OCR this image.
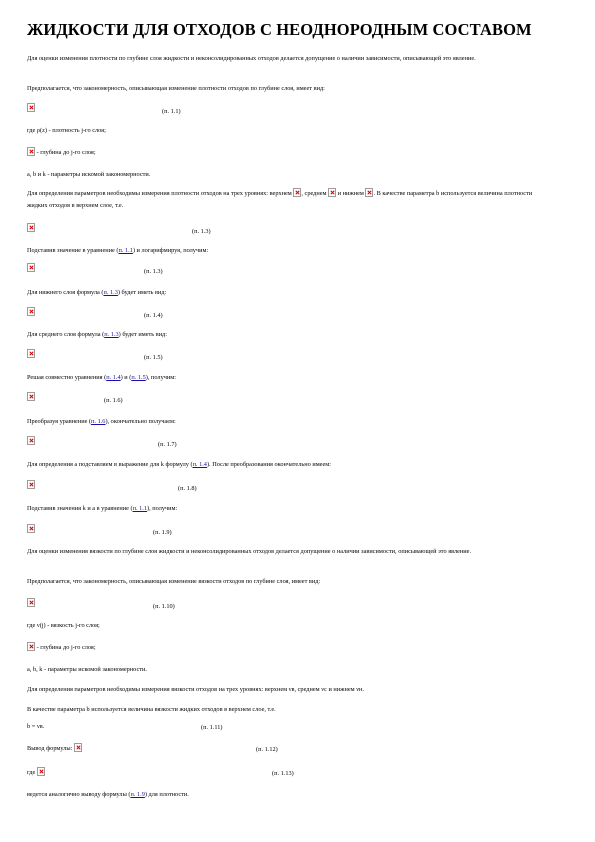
ЖИДКОСТИ ДЛЯ ОТХОДОВ С НЕОДНОРОДНЫМ СОСТАВОМ
Для оценки изменения плотности по глубине слоя жидкости и неконсолидированных отходов делается допущение о наличии зависимости, описывающей это явление.
Предполагается, что закономерность, описывающая изменение плотности отходов по глубине слоя, имеет вид:
(п. 1.1)
где ρ(z) - плотность j-го слоя;
- глубина до j-го слоя;
a, b и k - параметры искомой закономерности.
Для определения параметров необходимы измерения плотности отходов на трех уровнях: верхнем , среднем и нижнем . В качестве параметра b используется величина плотности жидких отходов в верхнем слое, т.е.
(п. 1.3)
Подставив значение в уравнение (п. 1.1) и логарифмируя, получим:
(п. 1.3)
Для нижнего слоя формула (п. 1.3) будет иметь вид:
(п. 1.4)
Для среднего слоя формула (п. 1.3) будет иметь вид:
(п. 1.5)
Решая совместно уравнения (п. 1.4) и (п. 1.5), получим:
(п. 1.6)
Преобразуя уравнение (п. 1.6), окончательно получаем:
(п. 1.7)
Для определения a подставляем в выражение для k формулу (п. 1.4). После преобразования окончательно имеем:
(п. 1.8)
Подставив значения k и a в уравнение (п. 1.1), получим:
(п. 1.9)
Для оценки изменения вязкости по глубине слоя жидкости и неконсолидированных отходов делается допущение о наличии зависимости, описывающей это явление.
Предполагается, что закономерность, описывающая изменение вязкости отходов по глубине слоя, имеет вид:
(п. 1.10)
где ν(j) - вязкость j-го слоя;
- глубина до j-го слоя;
a, b, k - параметры искомой закономерности.
Для определения параметров необходимы измерения вязкости отходов на трех уровнях: верхнем νв, среднем νс и нижнем νн.
В качестве параметра b используется величина вязкости жидких отходов в верхнем слое, т.е.
b = νв.	(п. 1.11)
Вывод формулы:	(п. 1.12)
где	(п. 1.13)
ведется аналогично выводу формулы (п. 1.9) для плотности.
